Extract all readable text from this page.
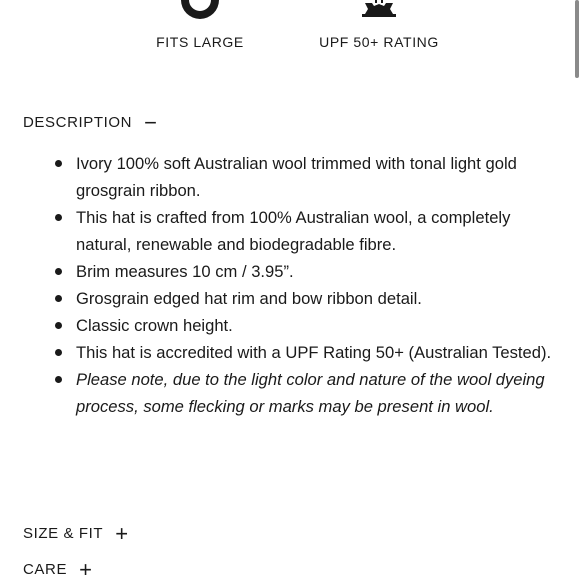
FITS LARGE	UPF 50+ RATING
DESCRIPTION −
Ivory 100% soft Australian wool trimmed with tonal light gold grosgrain ribbon.
This hat is crafted from 100% Australian wool, a completely natural, renewable and biodegradable fibre.
Brim measures 10 cm / 3.95”.
Grosgrain edged hat rim and bow ribbon detail.
Classic crown height.
This hat is accredited with a UPF Rating 50+ (Australian Tested).
Please note, due to the light color and nature of the wool dyeing process, some flecking or marks may be present in wool.
SIZE & FIT +
CARE +
